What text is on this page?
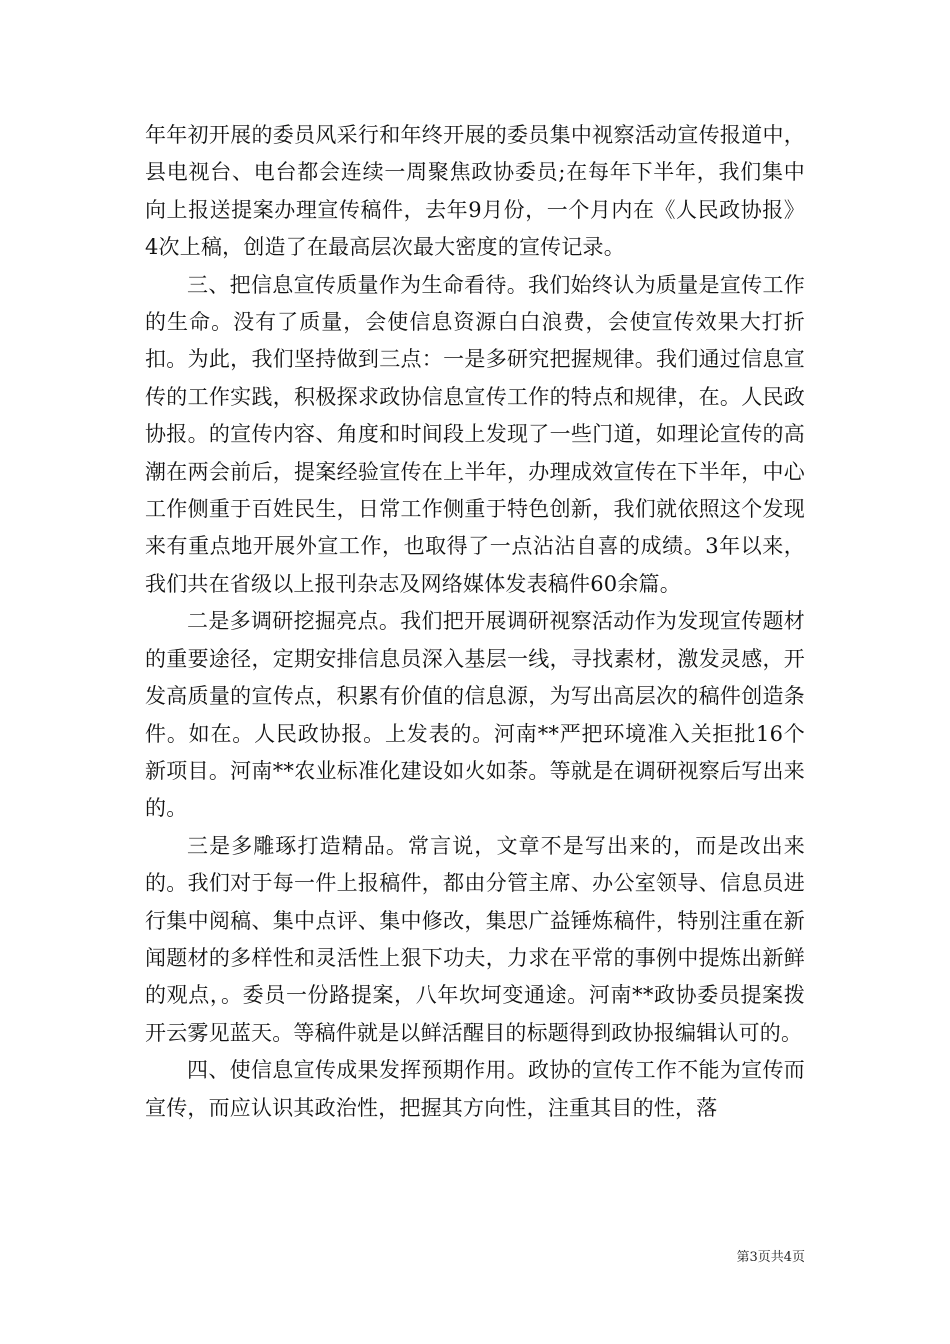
年年初开展的委员风采行和年终开展的委员集中视察活动宣传报道中，县电视台、电台都会连续一周聚焦政协委员;在每年下半年，我们集中向上报送提案办理宣传稿件，去年9月份，一个月内在《人民政协报》4次上稿，创造了在最高层次最大密度的宣传记录。

三、把信息宣传质量作为生命看待。我们始终认为质量是宣传工作的生命。没有了质量，会使信息资源白白浪费，会使宣传效果大打折扣。为此，我们坚持做到三点：一是多研究把握规律。我们通过信息宣传的工作实践，积极探求政协信息宣传工作的特点和规律，在。人民政协报。的宣传内容、角度和时间段上发现了一些门道，如理论宣传的高潮在两会前后，提案经验宣传在上半年，办理成效宣传在下半年，中心工作侧重于百姓民生，日常工作侧重于特色创新，我们就依照这个发现来有重点地开展外宣工作，也取得了一点沾沾自喜的成绩。3年以来，我们共在省级以上报刊杂志及网络媒体发表稿件60余篇。

二是多调研挖掘亮点。我们把开展调研视察活动作为发现宣传题材的重要途径，定期安排信息员深入基层一线，寻找素材，激发灵感，开发高质量的宣传点，积累有价值的信息源，为写出高层次的稿件创造条件。如在。人民政协报。上发表的。河南**严把环境准入关拒批16个新项目。河南**农业标准化建设如火如荼。等就是在调研视察后写出来的。

三是多雕琢打造精品。常言说，文章不是写出来的，而是改出来的。我们对于每一件上报稿件，都由分管主席、办公室领导、信息员进行集中阅稿、集中点评、集中修改，集思广益锤炼稿件，特别注重在新闻题材的多样性和灵活性上狠下功夫，力求在平常的事例中提炼出新鲜的观点，。委员一份路提案，八年坎坷变通途。河南**政协委员提案拨开云雾见蓝天。等稿件就是以鲜活醒目的标题得到政协报编辑认可的。

四、使信息宣传成果发挥预期作用。政协的宣传工作不能为宣传而宣传，而应认识其政治性，把握其方向性，注重其目的性，落

第3页共4页
